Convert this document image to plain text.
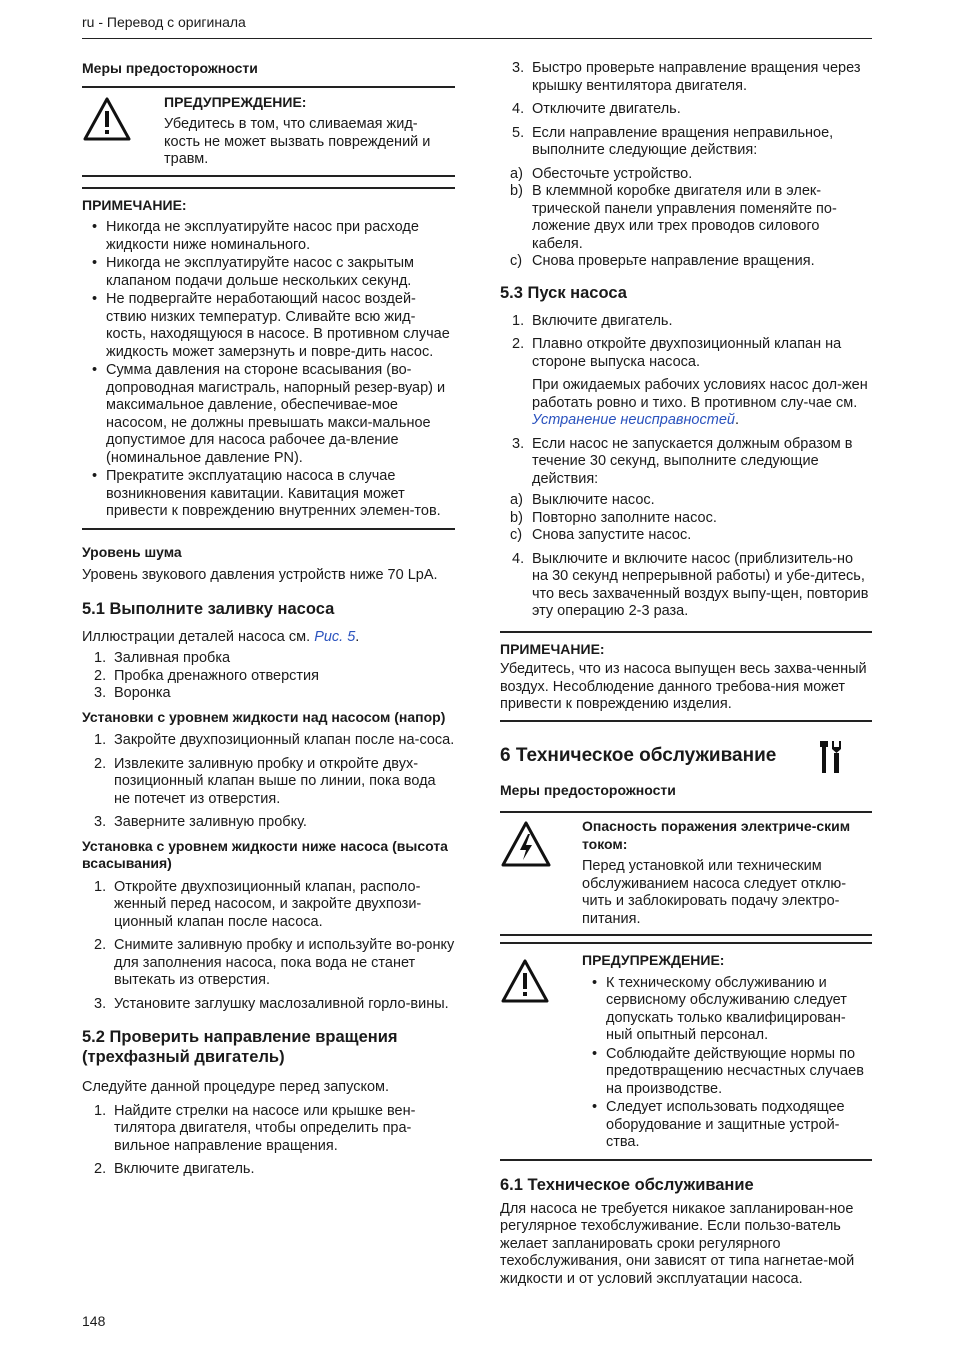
ru - Перевод с оригинала
Меры предосторожности
ПРЕДУПРЕЖДЕНИЕ:
Убедитесь в том, что сливаемая жид-кость не может вызвать повреждений и травм.
ПРИМЕЧАНИЕ:
• Никогда не эксплуатируйте насос при расходе жидкости ниже номинального.
• Никогда не эксплуатируйте насос с закрытым клапаном подачи дольше нескольких секунд.
• Не подвергайте неработающий насос воздей-ствию низких температур. Сливайте всю жид-кость, находящуюся в насосе. В противном случае жидкость может замерзнуть и повре-дить насос.
• Сумма давления на стороне всасывания (во-допроводная магистраль, напорный резер-вуар) и максимальное давление, обеспечивае-мое насосом, не должны превышать макси-мальное допустимое для насоса рабочее да-вление (номинальное давление PN).
• Прекратите эксплуатацию насоса в случае возникновения кавитации. Кавитация может привести к повреждению внутренних элемен-тов.
Уровень шума

Уровень звукового давления устройств ниже 70 LpA.

5.1 Выполните заливку насоса

Иллюстрации деталей насоса см. Рис. 5.

1. Заливная пробка
2. Пробка дренажного отверстия
3. Воронка
Установки с уровнем жидкости над насосом (напор)
1. Закройте двухпозиционный клапан после на-соса.
2. Извлеките заливную пробку и откройте двух-позиционный клапан выше по линии, пока вода не потечет из отверстия.
3. Заверните заливную пробку.
Установка с уровнем жидкости ниже насоса (высота всасывания)
1. Откройте двухпозиционный клапан, располо-женный перед насосом, и закройте двухпози-ционный клапан после насоса.
2. Снимите заливную пробку и используйте во-ронку для заполнения насоса, пока вода не станет вытекать из отверстия.
3. Установите заглушку маслозаливной горло-вины.
5.2 Проверить направление вращения (трехфазный двигатель)

Следуйте данной процедуре перед запуском.

1. Найдите стрелки на насосе или крышке вен-тилятора двигателя, чтобы определить пра-вильное направление вращения.
2. Включите двигатель.
3. Быстро проверьте направление вращения через крышку вентилятора двигателя.
4. Отключите двигатель.
5. Если направление вращения неправильное, выполните следующие действия:
a) Обесточьте устройство.
b) В клеммной коробке двигателя или в элек-трической панели управления поменяйте по-ложение двух или трех проводов силового кабеля.
c) Снова проверьте направление вращения.
5.3 Пуск насоса
1. Включите двигатель.
2. Плавно откройте двухпозиционный клапан на стороне выпуска насоса.
При ожидаемых рабочих условиях насос дол-жен работать ровно и тихо. В противном слу-чае см. Устранение неисправностей.
3. Если насос не запускается должным образом в течение 30 секунд, выполните следующие действия:
a) Выключите насос.
b) Повторно заполните насос.
c) Снова запустите насос.
4. Выключите и включите насос (приблизитель-но на 30 секунд непрерывной работы) и убе-дитесь, что весь захваченный воздух выпу-щен, повторив эту операцию 2-3 раза.
ПРИМЕЧАНИЕ:
Убедитесь, что из насоса выпущен весь захва-ченный воздух. Несоблюдение данного требова-ния может привести к повреждению изделия.
6 Техническое обслуживание
Меры предосторожности
Опасность поражения электриче-ским током:
Перед установкой или техническим обслуживанием насоса следует отклю-чить и заблокировать подачу электро-питания.
ПРЕДУПРЕЖДЕНИЕ:
• К техническому обслуживанию и сервисному обслуживанию следует допускать только квалифицирован-ный опытный персонал.
• Соблюдайте действующие нормы по предотвращению несчастных случаев на производстве.
• Следует использовать подходящее оборудование и защитные устрой-ства.
6.1 Техническое обслуживание

Для насоса не требуется никакое запланирован-ное регулярное техобслуживание. Если пользо-ватель желает запланировать сроки регулярного техобслуживания, они зависят от типа нагнетае-мой жидкости и от условий эксплуатации насоса.

148
